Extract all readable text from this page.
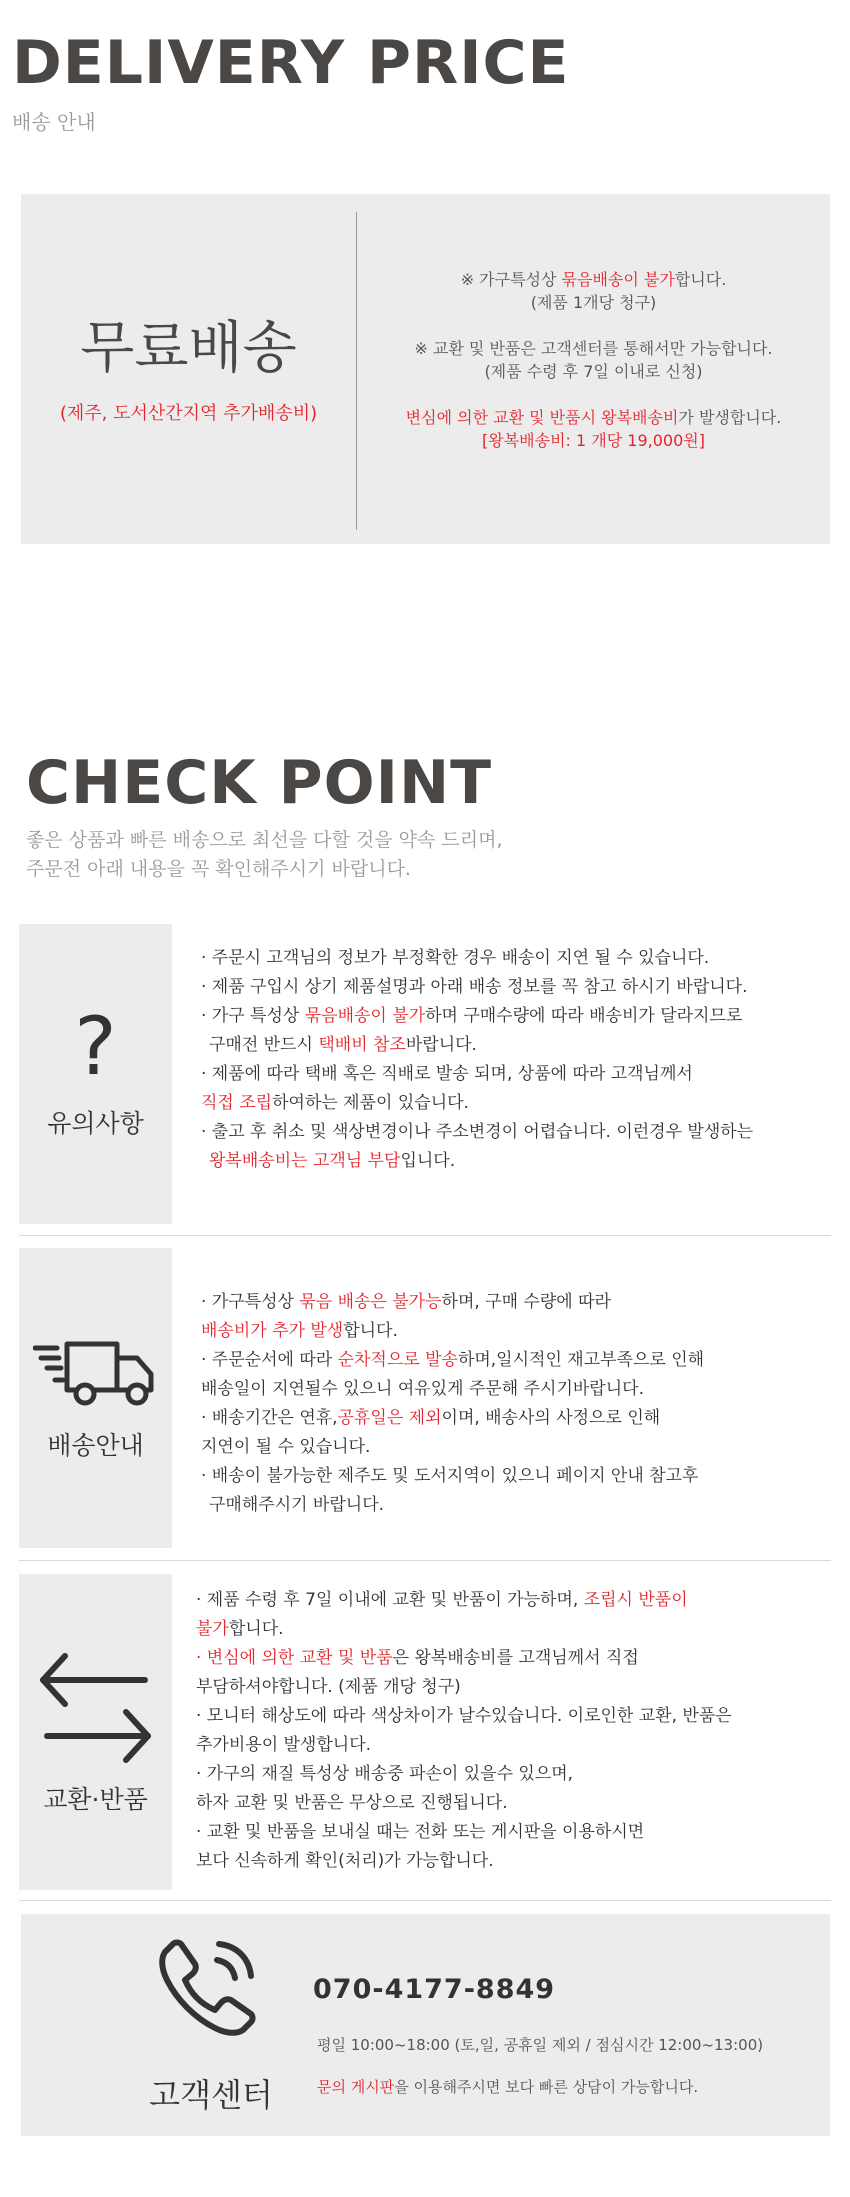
DELIVERY PRICE
배송 안내
무료배송
(제주, 도서산간지역 추가배송비)
※ 가구특성상 묶음배송이 불가합니다.
(제품 1개당 청구)
※ 교환 및 반품은 고객센터를 통해서만 가능합니다.
(제품 수령 후 7일 이내로 신청)
변심에 의한 교환 및 반품시 왕복배송비가 발생합니다.
[왕복배송비: 1 개당 19,000원]
CHECK POINT
좋은 상품과 빠른 배송으로 최선을 다할 것을 약속 드리며,
주문전 아래 내용을 꼭 확인해주시기 바랍니다.
?
유의사항
· 주문시 고객님의 정보가 부정확한 경우 배송이 지연 될 수 있습니다.
· 제품 구입시 상기 제품설명과 아래 배송 정보를 꼭 참고 하시기 바랍니다.
· 가구 특성상 묶음배송이 불가하며 구매수량에 따라 배송비가 달라지므로
구매전 반드시 택배비 참조바랍니다.
· 제품에 따라 택배 혹은 직배로 발송 되며, 상품에 따라 고객님께서
직접 조립하여하는 제품이 있습니다.
· 출고 후 취소 및 색상변경이나 주소변경이 어렵습니다. 이런경우 발생하는
왕복배송비는 고객님 부담입니다.
배송안내
· 가구특성상 묶음 배송은 불가능하며, 구매 수량에 따라
배송비가 추가 발생합니다.
· 주문순서에 따라 순차적으로 발송하며,일시적인 재고부족으로 인해
배송일이 지연될수 있으니 여유있게 주문해 주시기바랍니다.
· 배송기간은 연휴,공휴일은 제외이며, 배송사의 사정으로 인해
지연이 될 수 있습니다.
· 배송이 불가능한 제주도 및 도서지역이 있으니 페이지 안내 참고후
구매해주시기 바랍니다.
교환·반품
· 제품 수령 후 7일 이내에 교환 및 반품이 가능하며, 조립시 반품이
불가합니다.
· 변심에 의한 교환 및 반품은 왕복배송비를 고객님께서 직접
부담하셔야합니다. (제품 개당 청구)
· 모니터 해상도에 따라 색상차이가 날수있습니다. 이로인한 교환, 반품은
추가비용이 발생합니다.
· 가구의 재질 특성상 배송중 파손이 있을수 있으며,
하자 교환 및 반품은 무상으로 진행됩니다.
· 교환 및 반품을 보내실 때는 전화 또는 게시판을 이용하시면
보다 신속하게 확인(처리)가 가능합니다.
고객센터
070-4177-8849
평일 10:00~18:00 (토,일, 공휴일 제외 / 점심시간 12:00~13:00)
문의 게시판을 이용해주시면 보다 빠른 상담이 가능합니다.
